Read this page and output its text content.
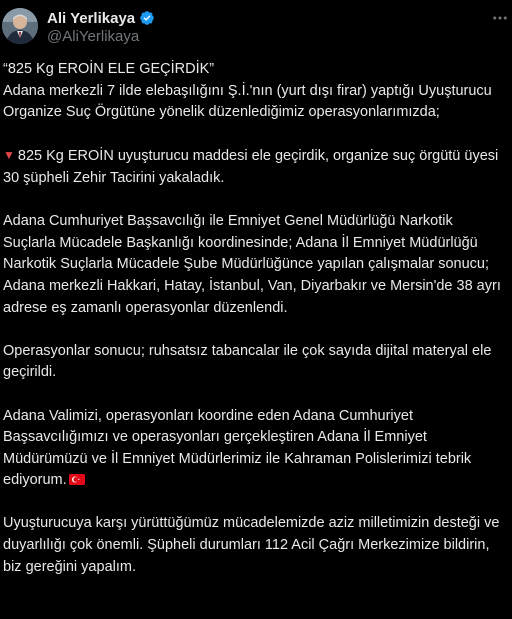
Ali Yerlikaya
@AliYerlikaya

“825 Kg EROİN ELE GEÇİRDİK”
Adana merkezli 7 ilde elebaşılığını Ş.İ.'nın (yurt dışı firar) yaptığı Uyuşturucu Organize Suç Örgütüne yönelik düzenlediğimiz operasyonlarımızda;

▼ 825 Kg EROİN uyuşturucu maddesi ele geçirdik, organize suç örgütü üyesi 30 şüpheli Zehir Tacirini yakaladık.

Adana Cumhuriyet Başsavcılığı ile Emniyet Genel Müdürlüğü Narkotik Suçlarla Mücadele Başkanlığı koordinesinde; Adana İl Emniyet Müdürlüğü Narkotik Suçlarla Mücadele Şube Müdürlüğünce yapılan çalışmalar sonucu; Adana merkezli Hakkari, Hatay, İstanbul, Van, Diyarbakır ve Mersin'de 38 ayrı adrese eş zamanlı operasyonlar düzenlendi.

Operasyonlar sonucu; ruhsatsız tabancalar ile çok sayıda dijital materyal ele geçirildi.

Adana Valimizi, operasyonları koordine eden Adana Cumhuriyet Başsavcılığımızı ve operasyonları gerçekleştiren Adana İl Emniyet Müdürümüzü ve İl Emniyet Müdürlerimiz ile Kahraman Polislerimizi tebrik ediyorum.

Uyuşturucuya karşı yürüttüğümüz mücadelemizde aziz milletimizin desteği ve duyarlılığı çok önemli. Şüpheli durumları 112 Acil Çağrı Merkezimize bildirin, biz gereğini yapalım.
